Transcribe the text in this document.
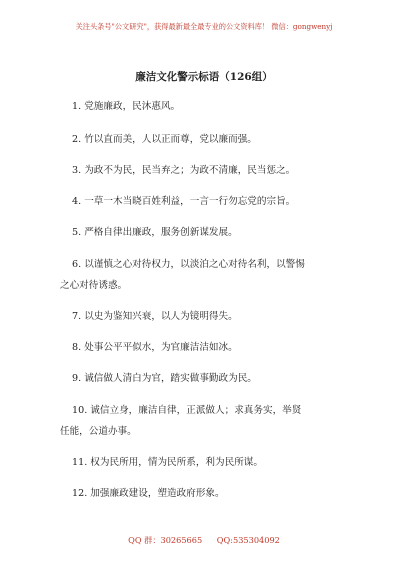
关注头条号"公文研究"，获得最新最全最专业的公文资料库！ 微信：gongwenyj
廉洁文化警示标语（126组）
1. 党施廉政，民沐惠风。
2. 竹以直而美，人以正而尊，党以廉而强。
3. 为政不为民，民当弃之；为政不清廉，民当惩之。
4. 一草一木当晓百姓利益，一言一行勿忘党的宗旨。
5. 严格自律出廉政，服务创新谋发展。
6. 以谨慎之心对待权力，以淡泊之心对待名利，以警惕
之心对待诱惑。
7. 以史为鉴知兴衰，以人为镜明得失。
8. 处事公平平似水，为官廉洁洁如冰。
9. 诚信做人清白为官，踏实做事勤政为民。
10. 诚信立身，廉洁自律，正派做人；求真务实，举贤
任能，公道办事。
11. 权为民所用，情为民所系，利为民所谋。
12. 加强廉政建设，塑造政府形象。
QQ 群：30265665 QQ:535304092
